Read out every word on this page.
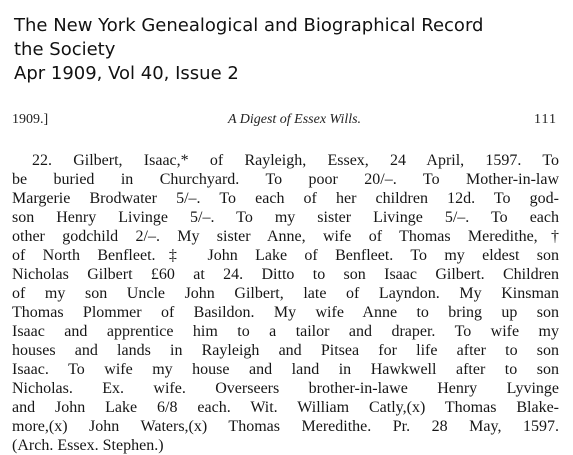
The New York Genealogical and Biographical Record
the Society
Apr 1909, Vol 40, Issue 2
1909.]	A Digest of Essex Wills.	111
22. Gilbert, Isaac,* of Rayleigh, Essex, 24 April, 1597. To
be buried in Churchyard. To poor 20/–. To Mother-in-law
Margerie Brodwater 5/–. To each of her children 12d. To god-
son Henry Livinge 5/–. To my sister Livinge 5/–. To each
other godchild 2/–. My sister Anne, wife of Thomas Meredithe,†
of North Benfleet.‡ John Lake of Benfleet. To my eldest son
Nicholas Gilbert £60 at 24. Ditto to son Isaac Gilbert. Children
of my son Uncle John Gilbert, late of Layndon. My Kinsman
Thomas Plommer of Basildon. My wife Anne to bring up son
Isaac and apprentice him to a tailor and draper. To wife my
houses and lands in Rayleigh and Pitsea for life after to son
Isaac. To wife my house and land in Hawkwell after to son
Nicholas. Ex. wife. Overseers brother-in-lawe Henry Lyvinge
and John Lake 6/8 each. Wit. William Catly,(x) Thomas Blake-
more,(x) John Waters,(x) Thomas Meredithe. Pr. 28 May, 1597.
(Arch. Essex. Stephen.)
